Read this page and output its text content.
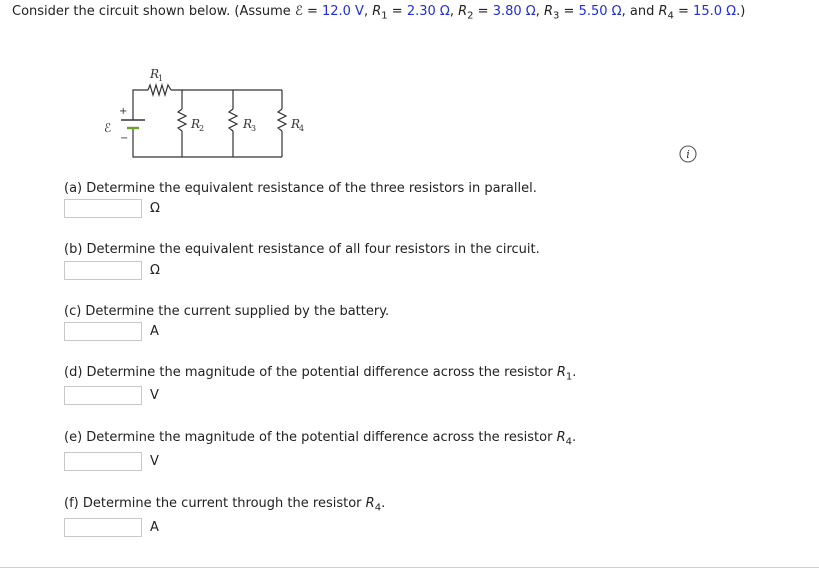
Consider the circuit shown below. (Assume ℰ = 12.0 V, $R_1 = 2.30$ Ω, $R_2 = 3.80$ Ω, $R_3 = 5.50$ Ω, and $R_4 = 15.0$ Ω.)
+
−
ℰ
R
1
R
2	R
3	R
4
i
(a) Determine the equivalent resistance of the three resistors in parallel.
Ω
(b) Determine the equivalent resistance of all four resistors in the circuit.
Ω
(c) Determine the current supplied by the battery.
A
(d) Determine the magnitude of the potential difference across the resistor $R_1$.
V
(e) Determine the magnitude of the potential difference across the resistor $R_4$.
V
(f) Determine the current through the resistor $R_4$.
A
